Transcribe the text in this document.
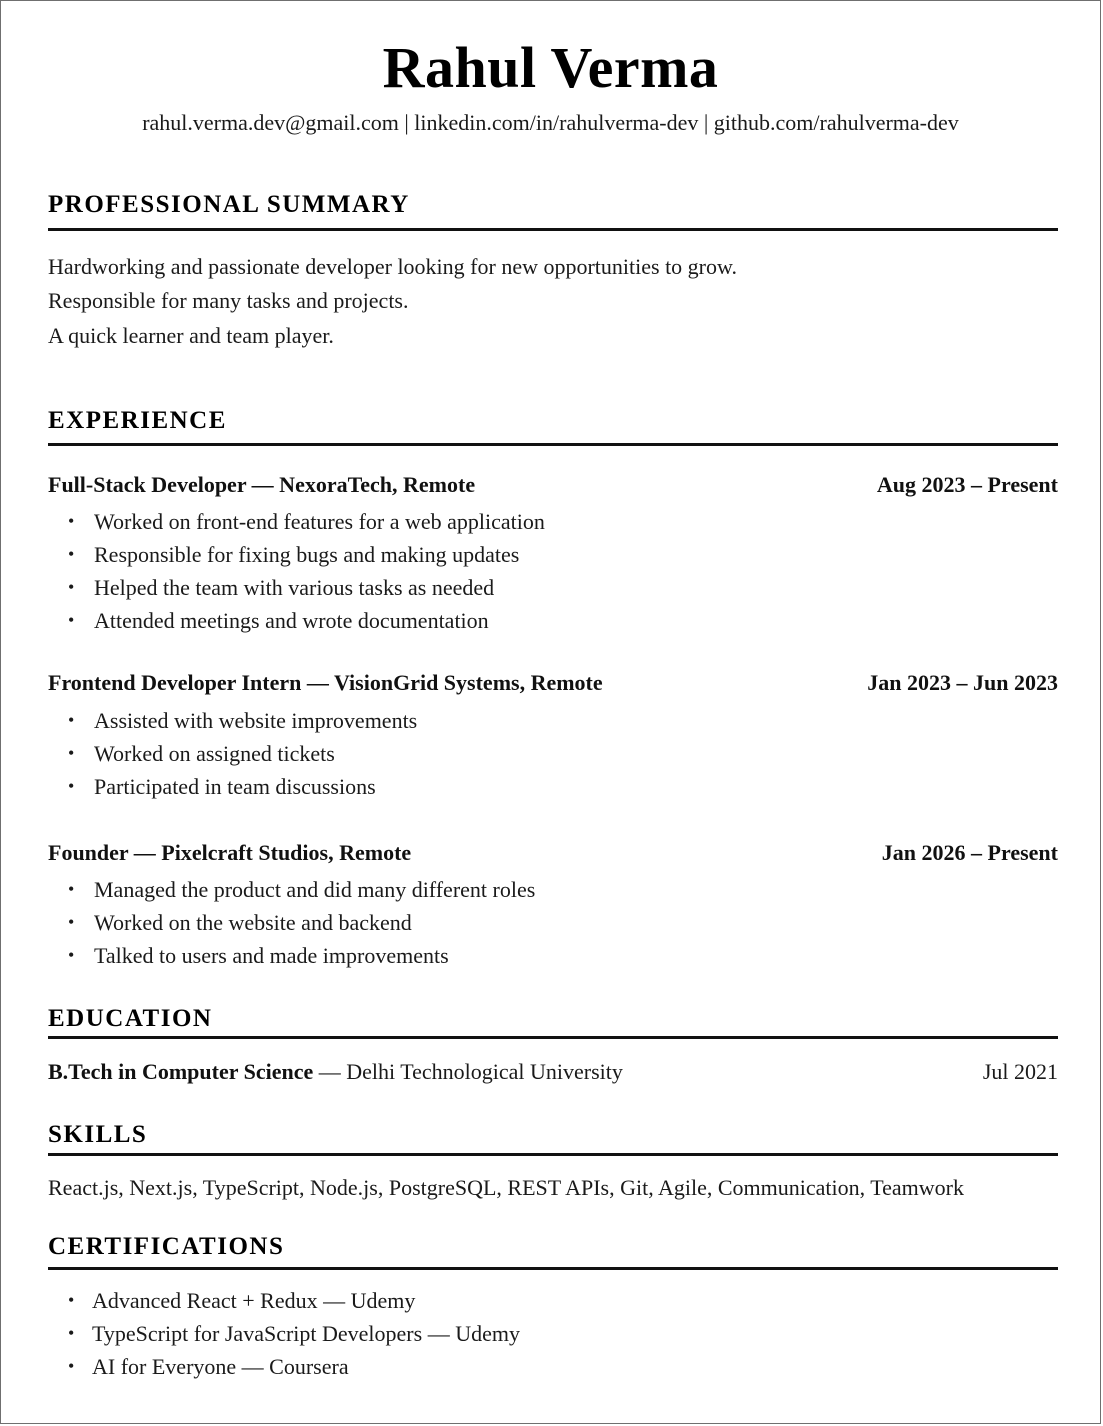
Rahul Verma
rahul.verma.dev@gmail.com | linkedin.com/in/rahulverma-dev | github.com/rahulverma-dev
PROFESSIONAL SUMMARY
Hardworking and passionate developer looking for new opportunities to grow.
Responsible for many tasks and projects.
A quick learner and team player.
EXPERIENCE
Full-Stack Developer — NexoraTech, Remote	Aug 2023 – Present
• Worked on front-end features for a web application
• Responsible for fixing bugs and making updates
• Helped the team with various tasks as needed
• Attended meetings and wrote documentation
Frontend Developer Intern — VisionGrid Systems, Remote	Jan 2023 – Jun 2023
• Assisted with website improvements
• Worked on assigned tickets
• Participated in team discussions
Founder — Pixelcraft Studios, Remote	Jan 2026 – Present
• Managed the product and did many different roles
• Worked on the website and backend
• Talked to users and made improvements
EDUCATION
B.Tech in Computer Science — Delhi Technological University	Jul 2021
SKILLS
React.js, Next.js, TypeScript, Node.js, PostgreSQL, REST APIs, Git, Agile, Communication, Teamwork
CERTIFICATIONS
• Advanced React + Redux — Udemy
• TypeScript for JavaScript Developers — Udemy
• AI for Everyone — Coursera
